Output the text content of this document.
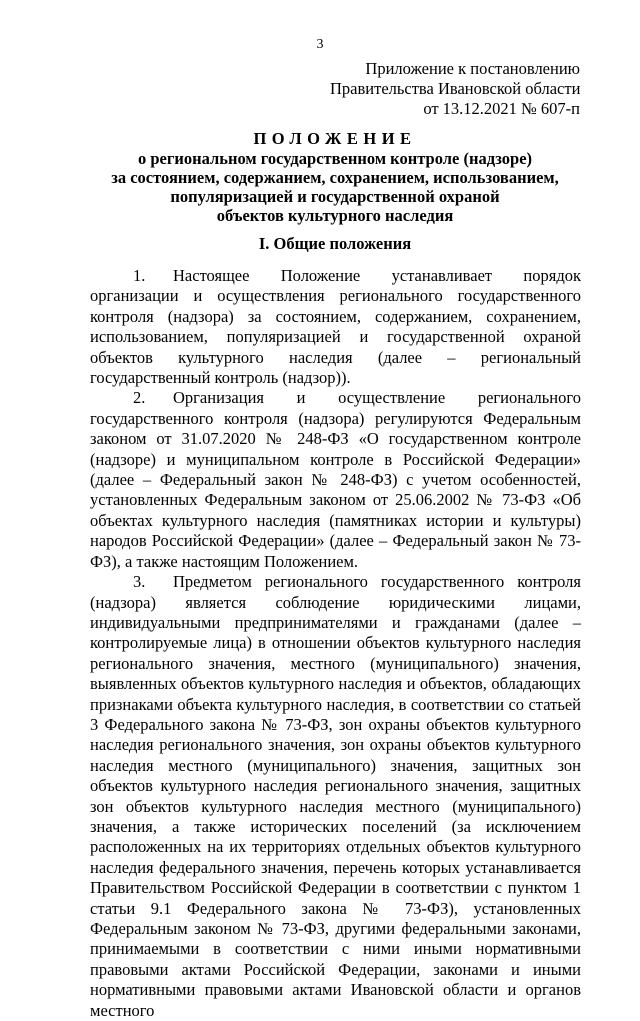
3
Приложение к постановлению
Правительства Ивановской области
от 13.12.2021 № 607-п
ПОЛОЖЕНИЕ
о региональном государственном контроле (надзоре)
за состоянием, содержанием, сохранением, использованием,
популяризацией и государственной охраной
объектов культурного наследия
I. Общие положения

1. Настоящее Положение устанавливает порядок организации и осуществления регионального государственного контроля (надзора) за состоянием, содержанием, сохранением, использованием, популяризацией и государственной охраной объектов культурного наследия (далее – региональный государственный контроль (надзор)).

2. Организация и осуществление регионального государственного контроля (надзора) регулируются Федеральным законом от 31.07.2020 № 248-ФЗ «О государственном контроле (надзоре) и муниципальном контроле в Российской Федерации» (далее – Федеральный закон № 248-ФЗ) с учетом особенностей, установленных Федеральным законом от 25.06.2002 № 73-ФЗ «Об объектах культурного наследия (памятниках истории и культуры) народов Российской Федерации» (далее – Федеральный закон № 73-ФЗ), а также настоящим Положением.

3. Предметом регионального государственного контроля (надзора) является соблюдение юридическими лицами, индивидуальными предпринимателями и гражданами (далее – контролируемые лица) в отношении объектов культурного наследия регионального значения, местного (муниципального) значения, выявленных объектов культурного наследия и объектов, обладающих признаками объекта культурного наследия, в соответствии со статьей 3 Федерального закона № 73-ФЗ, зон охраны объектов культурного наследия регионального значения, зон охраны объектов культурного наследия местного (муниципального) значения, защитных зон объектов культурного наследия регионального значения, защитных зон объектов культурного наследия местного (муниципального) значения, а также исторических поселений (за исключением расположенных на их территориях отдельных объектов культурного наследия федерального значения, перечень которых устанавливается Правительством Российской Федерации в соответствии с пунктом 1 статьи 9.1 Федерального закона № 73-ФЗ), установленных Федеральным законом № 73-ФЗ, другими федеральными законами, принимаемыми в соответствии с ними иными нормативными правовыми актами Российской Федерации, законами и иными нормативными правовыми актами Ивановской области и органов местного
